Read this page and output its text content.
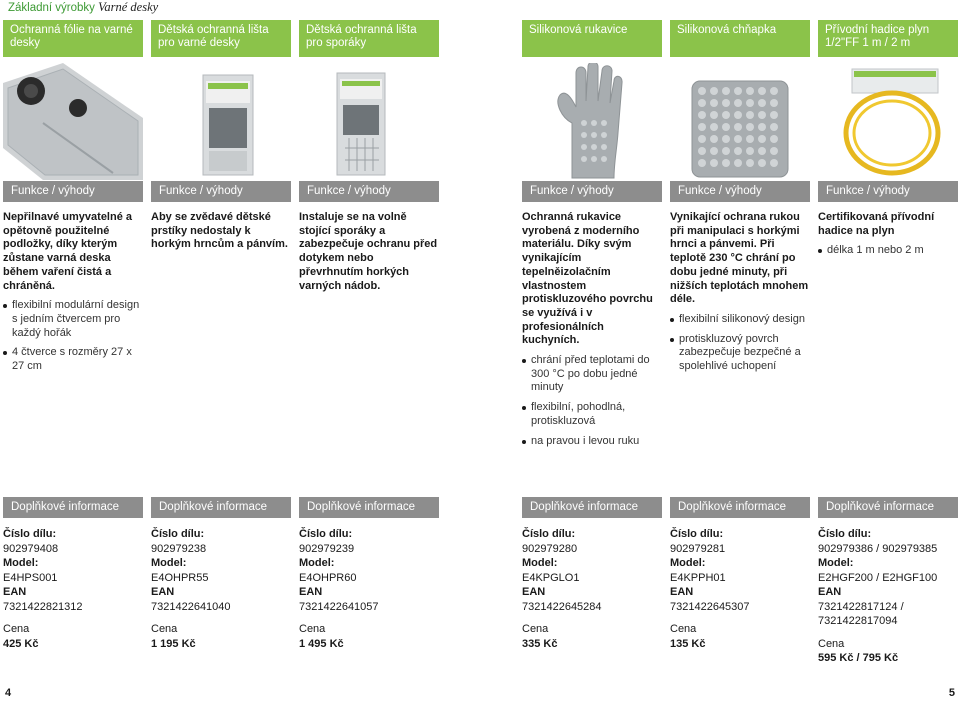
Základní výrobky Varné desky
Ochranná fólie na varné desky
Funkce / výhody
Nepřilnavé umyvatelné a opětovně použitelné podložky, díky kterým zůstane varná deska během vaření čistá a chráněná.
flexibilní modulární design s jedním čtvercem pro každý hořák
4 čtverce s rozměry 27 x 27 cm
Dětská ochranná lišta pro varné desky
Funkce / výhody
Aby se zvědavé dětské prstíky nedostaly k horkým hrncům a pánvím.
Dětská ochranná lišta pro sporáky
Funkce / výhody
Instaluje se na volně stojící sporáky a zabezpečuje ochranu před dotykem nebo převrhnutím horkých varných nádob.
Silikonová rukavice
Funkce / výhody
Ochranná rukavice vyrobená z moderního materiálu. Díky svým vynikajícím tepelněizolačním vlastnostem protiskluzového povrchu se využívá i v profesionálních kuchyních.
chrání před teplotami do 300 °C po dobu jedné minuty
flexibilní, pohodlná, protiskluzová
na pravou i levou ruku
Silikonová chňapka
Funkce / výhody
Vynikající ochrana rukou při manipulaci s horkými hrnci a pánvemi. Při teplotě 230 °C chrání po dobu jedné minuty, při nižších teplotách mnohem déle.
flexibilní silikonový design
protiskluzový povrch zabezpečuje bezpečné a spolehlivé uchopení
Přívodní hadice plyn 1/2"FF 1 m / 2 m
Funkce / výhody
Certifikovaná přívodní hadice na plyn
délka 1 m nebo 2 m
Doplňkové informace
Číslo dílu:
902979408
Model:
E4HPS001
EAN
7321422821312
Cena
425 Kč
Doplňkové informace
Číslo dílu:
902979238
Model:
E4OHPR55
EAN
7321422641040
Cena
1 195 Kč
Doplňkové informace
Číslo dílu:
902979239
Model:
E4OHPR60
EAN
7321422641057
Cena
1 495 Kč
Doplňkové informace
Číslo dílu:
902979280
Model:
E4KPGLO1
EAN
7321422645284
Cena
335 Kč
Doplňkové informace
Číslo dílu:
902979281
Model:
E4KPPH01
EAN
7321422645307
Cena
135 Kč
Doplňkové informace
Číslo dílu:
902979386 / 902979385
Model:
E2HGF200 / E2HGF100
EAN
7321422817124 / 7321422817094
Cena
595 Kč / 795 Kč
4	5
